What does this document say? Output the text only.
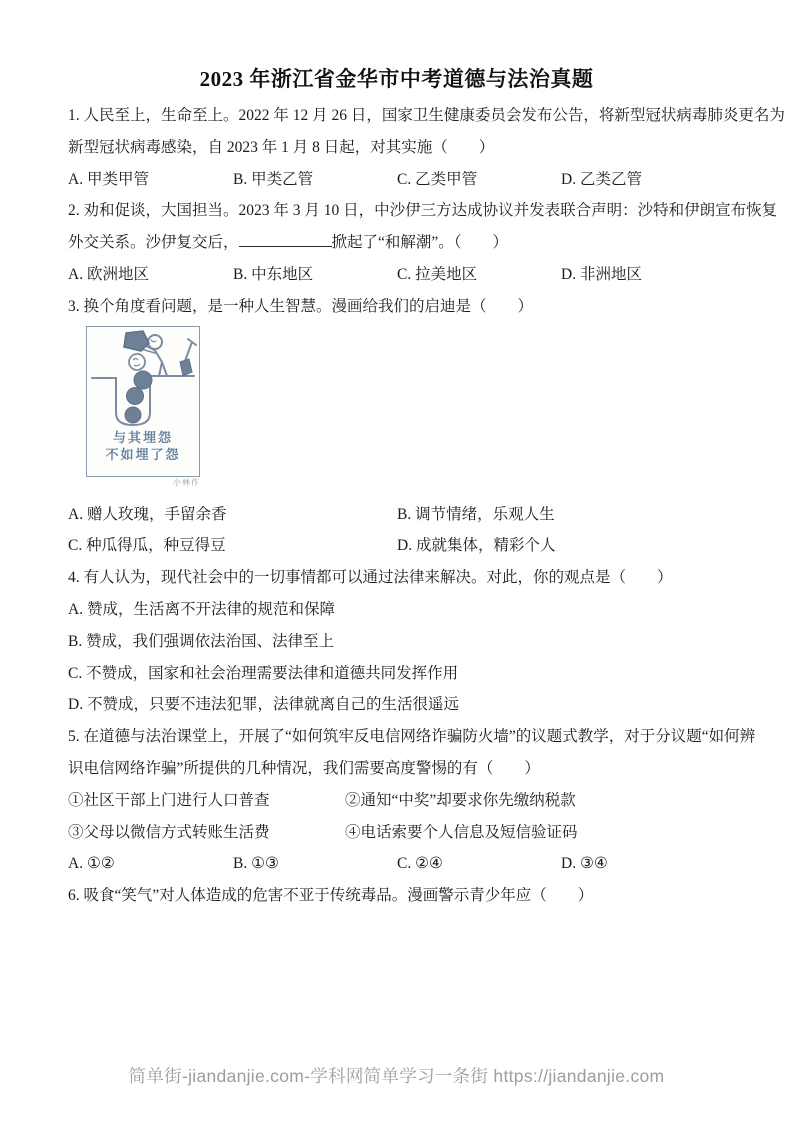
2023 年浙江省金华市中考道德与法治真题
1. 人民至上，生命至上。2022 年 12 月 26 日，国家卫生健康委员会发布公告，将新型冠状病毒肺炎更名为
新型冠状病毒感染，自 2023 年 1 月 8 日起，对其实施（　　）
A. 甲类甲管	B. 甲类乙管	C. 乙类甲管	D. 乙类乙管
2. 劝和促谈，大国担当。2023 年 3 月 10 日，中沙伊三方达成协议并发表联合声明：沙特和伊朗宣布恢复
外交关系。沙伊复交后，	掀起了“和解潮”。（　　）
A. 欧洲地区	B. 中东地区	C. 拉美地区	D. 非洲地区
3. 换个角度看问题，是一种人生智慧。漫画给我们的启迪是（　　）
与其埋怨
不如埋了怨
小林作
A. 赠人玫瑰，手留余香	B. 调节情绪，乐观人生
C. 种瓜得瓜，种豆得豆	D. 成就集体，精彩个人
4. 有人认为，现代社会中的一切事情都可以通过法律来解决。对此，你的观点是（　　）
A. 赞成，生活离不开法律的规范和保障
B. 赞成，我们强调依法治国、法律至上
C. 不赞成，国家和社会治理需要法律和道德共同发挥作用
D. 不赞成，只要不违法犯罪，法律就离自己的生活很遥远
5. 在道德与法治课堂上，开展了“如何筑牢反电信网络诈骗防火墙”的议题式教学，对于分议题“如何辨
识电信网络诈骗”所提供的几种情况，我们需要高度警惕的有（　　）
①社区干部上门进行人口普查	②通知“中奖”却要求你先缴纳税款
③父母以微信方式转账生活费	④电话索要个人信息及短信验证码
A. ①②	B. ①③	C. ②④	D. ③④
6. 吸食“笑气”对人体造成的危害不亚于传统毒品。漫画警示青少年应（　　）
简单街-jiandanjie.com-学科网简单学习一条街 https://jiandanjie.com
